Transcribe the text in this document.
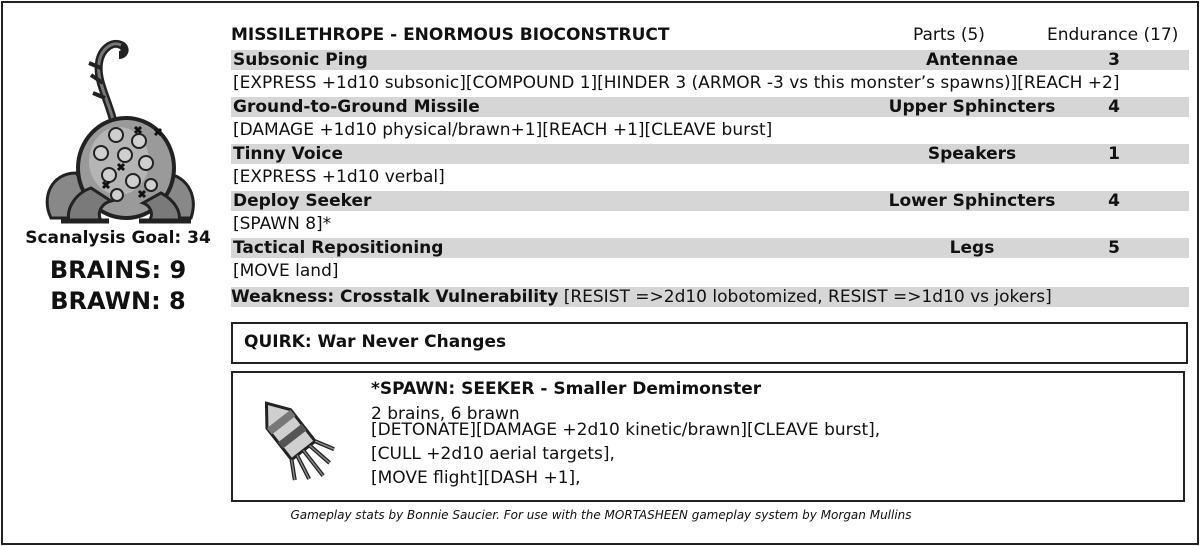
Scanalysis Goal: 34
BRAINS: 9
BRAWN: 8
MISSILETHROPE - ENORMOUS BIOCONSTRUCT	Parts (5)	Endurance (17)
Subsonic Ping	Antennae	3
[EXPRESS +1d10 subsonic][COMPOUND 1][HINDER 3 (ARMOR -3 vs this monster’s spawns)][REACH +2]
Ground-to-Ground Missile	Upper Sphincters	4
[DAMAGE +1d10 physical/brawn+1][REACH +1][CLEAVE burst]
Tinny Voice	Speakers	1
[EXPRESS +1d10 verbal]
Deploy Seeker	Lower Sphincters	4
[SPAWN 8]*
Tactical Repositioning	Legs	5
[MOVE land]
Weakness: Crosstalk Vulnerability [RESIST =>2d10 lobotomized, RESIST =>1d10 vs jokers]
QUIRK: War Never Changes
*SPAWN: SEEKER - Smaller Demimonster
2 brains, 6 brawn
[DETONATE][DAMAGE +2d10 kinetic/brawn][CLEAVE burst],
[CULL +2d10 aerial targets],
[MOVE flight][DASH +1],
Gameplay stats by Bonnie Saucier. For use with the MORTASHEEN gameplay system by Morgan Mullins
